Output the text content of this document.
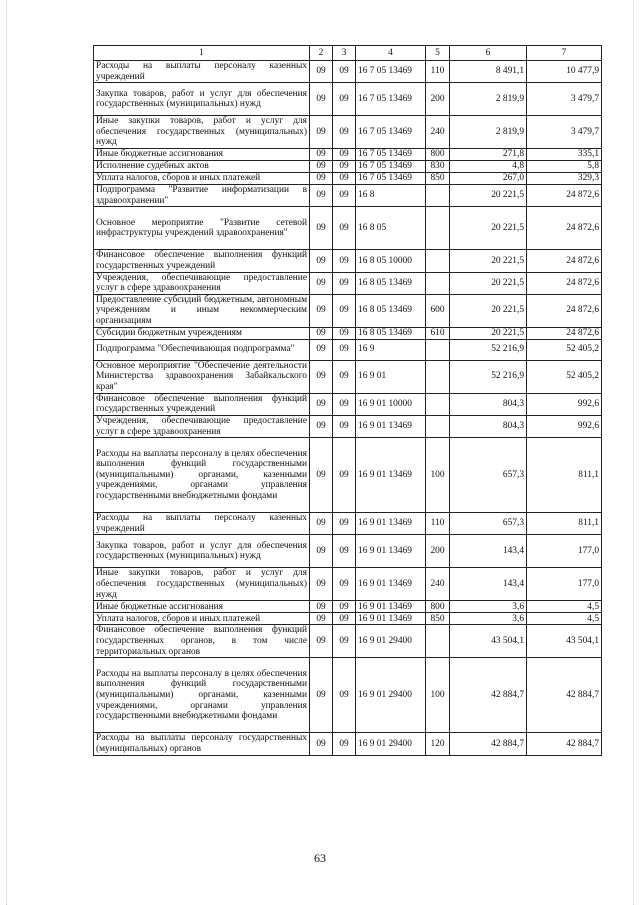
1	2	3	4	5	6	7
Расходы на выплаты персоналу казенных учреждений	09	09	16 7 05 13469	110	8 491,1	10 477,9
Закупка товаров, работ и услуг для обеспечения государственных (муниципальных) нужд	09	09	16 7 05 13469	200	2 819,9	3 479,7
Иные закупки товаров, работ и услуг для обеспечения государственных (муниципальных) нужд	09	09	16 7 05 13469	240	2 819,9	3 479,7
Иные бюджетные ассигнования	09	09	16 7 05 13469	800	271,8	335,1
Исполнение судебных актов	09	09	16 7 05 13469	830	4,8	5,8
Уплата налогов, сборов и иных платежей	09	09	16 7 05 13469	850	267,0	329,3
Подпрограмма "Развитие информатизации в здравоохранении"	09	09	16 8		20 221,5	24 872,6
Основное мероприятие "Развитие сетевой инфраструктуры учреждений здравоохранения"	09	09	16 8 05		20 221,5	24 872,6
Финансовое обеспечение выполнения функций государственных учреждений	09	09	16 8 05 10000		20 221,5	24 872,6
Учреждения, обеспечивающие предоставление услуг в сфере здравоохранения	09	09	16 8 05 13469		20 221,5	24 872,6
Предоставление субсидий бюджетным, автономным учреждениям и иным некоммерческим организациям	09	09	16 8 05 13469	600	20 221,5	24 872,6
Субсидии бюджетным учреждениям	09	09	16 8 05 13469	610	20 221,5	24 872,6
Подпрограмма "Обеспечивающая подпрограмма"	09	09	16 9		52 216,9	52 405,2
Основное мероприятие "Обеспечение деятельности Министерства здравоохранения Забайкальского края"	09	09	16 9 01		52 216,9	52 405,2
Финансовое обеспечение выполнения функций государственных учреждений	09	09	16 9 01 10000		804,3	992,6
Учреждения, обеспечивающие предоставление услуг в сфере здравоохранения	09	09	16 9 01 13469		804,3	992,6
Расходы на выплаты персоналу в целях обеспечения выполнения функций государственными (муниципальными) органами, казенными учреждениями, органами управления государственными внебюджетными фондами	09	09	16 9 01 13469	100	657,3	811,1
Расходы на выплаты персоналу казенных учреждений	09	09	16 9 01 13469	110	657,3	811,1
Закупка товаров, работ и услуг для обеспечения государственных (муниципальных) нужд	09	09	16 9 01 13469	200	143,4	177,0
Иные закупки товаров, работ и услуг для обеспечения государственных (муниципальных) нужд	09	09	16 9 01 13469	240	143,4	177,0
Иные бюджетные ассигнования	09	09	16 9 01 13469	800	3,6	4,5
Уплата налогов, сборов и иных платежей	09	09	16 9 01 13469	850	3,6	4,5
Финансовое обеспечение выполнения функций государственных органов, в том числе территориальных органов	09	09	16 9 01 29400		43 504,1	43 504,1
Расходы на выплаты персоналу в целях обеспечения выполнения функций государственными (муниципальными) органами, казенными учреждениями, органами управления государственными внебюджетными фондами	09	09	16 9 01 29400	100	42 884,7	42 884,7
Расходы на выплаты персоналу государственных (муниципальных) органов	09	09	16 9 01 29400	120	42 884,7	42 884,7
63
